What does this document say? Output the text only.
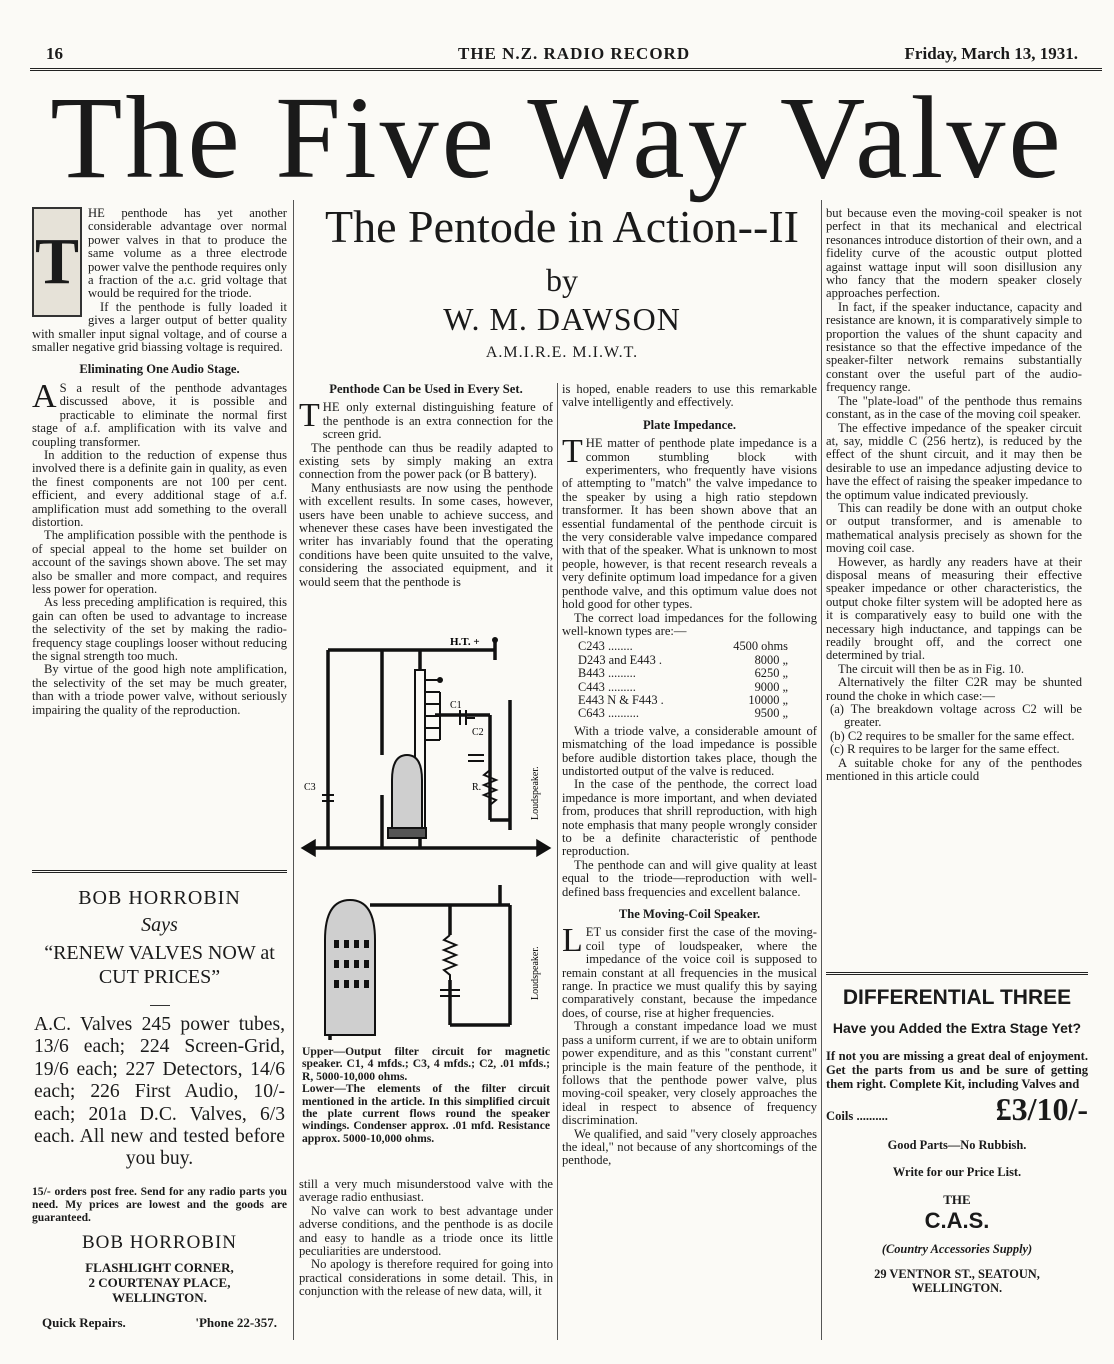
16	THE N.Z. RADIO RECORD	Friday, March 13, 1931.
The Five Way Valve
The Pentode in Action--II
by
W. M. DAWSON
A.M.I.R.E. M.I.W.T.
T

HE penthode has yet another considerable advantage over normal power valves in that to produce the same volume as a three electrode power valve the penthode requires only a fraction of the a.c. grid voltage that would be required for the triode.

If the penthode is fully loaded it gives a larger output of better quality with smaller input signal voltage, and of course a smaller negative grid biassing voltage is required.

Eliminating One Audio Stage.

A S a result of the penthode advantages discussed above, it is possible and practicable to eliminate the normal first stage of a.f. amplification with its valve and coupling transformer.

In addition to the reduction of expense thus involved there is a definite gain in quality, as even the finest components are not 100 per cent. efficient, and every additional stage of a.f. amplification must add something to the overall distortion.

The amplification possible with the penthode is of special appeal to the home set builder on account of the savings shown above. The set may also be smaller and more compact, and requires less power for operation.

As less preceding amplification is required, this gain can often be used to advantage to increase the selectivity of the set by making the radio-frequency stage couplings looser without reducing the signal strength too much.

By virtue of the good high note amplification, the selectivity of the set may be much greater, than with a triode power valve, without seriously impairing the quality of the reproduction.

Penthode Can be Used in Every Set.

THE only external distinguishing feature of the penthode is an extra connection for the screen grid.

The penthode can thus be readily adapted to existing sets by simply making an extra connection from the power pack (or B battery).

Many enthusiasts are now using the penthode with excellent results. In some cases, however, users have been unable to achieve success, and whenever these cases have been investigated the writer has invariably found that the operating conditions have been quite unsuited to the valve, considering the associated equipment, and it would seem that the penthode is

H.T. +
C1
C2
R.
C3	Loudspeaker.
Loudspeaker.

Upper—Output filter circuit for magnetic speaker. C1, 4 mfds.; C3, 4 mfds.; C2, .01 mfds.; R, 5000-10,000 ohms.

Lower—The elements of the filter circuit mentioned in the article. In this simplified circuit the plate current flows round the speaker windings. Condenser approx. .01 mfd. Resistance approx. 5000-10,000 ohms.

still a very much misunderstood valve with the average radio enthusiast.

No valve can work to best advantage under adverse conditions, and the penthode is as docile and easy to handle as a triode once its little peculiarities are understood.

No apology is therefore required for going into practical considerations in some detail. This, in conjunction with the release of new data, will, it

is hoped, enable readers to use this remarkable valve intelligently and effectively.

Plate Impedance.

THE matter of penthode plate impedance is a common stumbling block with experimenters, who frequently have visions of attempting to "match" the valve impedance to the speaker by using a high ratio stepdown transformer. It has been shown above that an essential fundamental of the penthode circuit is the very considerable valve impedance compared with that of the speaker. What is unknown to most people, however, is that recent research reveals a very definite optimum load impedance for a given penthode valve, and this optimum value does not hold good for other types.

The correct load impedances for the following well-known types are:—

C243 ........	4500 ohms
D243 and E443 .	8000 „
B443 .........	6250 „
C443 .........	9000 „
E443 N & F443 .	10000 „
C643 ..........	9500 „

With a triode valve, a considerable amount of mismatching of the load impedance is possible before audible distortion takes place, though the undistorted output of the valve is reduced.

In the case of the penthode, the correct load impedance is more important, and when deviated from, produces that shrill reproduction, with high note emphasis that many people wrongly consider to be a definite characteristic of penthode reproduction.

The penthode can and will give quality at least equal to the triode—reproduction with well-defined bass frequencies and excellent balance.

The Moving-Coil Speaker.

LET us consider first the case of the moving-coil type of loudspeaker, where the impedance of the voice coil is supposed to remain constant at all frequencies in the musical range. In practice we must qualify this by saying comparatively constant, because the impedance does, of course, rise at higher frequencies.

Through a constant impedance load we must pass a uniform current, if we are to obtain uniform power expenditure, and as this "constant current" principle is the main feature of the penthode, it follows that the penthode power valve, plus moving-coil speaker, very closely approaches the ideal in respect to absence of frequency discrimination.

We qualified, and said "very closely approaches the ideal," not because of any shortcomings of the penthode,

but because even the moving-coil speaker is not perfect in that its mechanical and electrical resonances introduce distortion of their own, and a fidelity curve of the acoustic output plotted against wattage input will soon disillusion any who fancy that the modern speaker closely approaches perfection.

In fact, if the speaker inductance, capacity and resistance are known, it is comparatively simple to proportion the values of the shunt capacity and resistance so that the effective impedance of the speaker-filter network remains substantially constant over the useful part of the audio-frequency range.

The "plate-load" of the penthode thus remains constant, as in the case of the moving coil speaker.

The effective impedance of the speaker circuit at, say, middle C (256 hertz), is reduced by the effect of the shunt circuit, and it may then be desirable to use an impedance adjusting device to have the effect of raising the speaker impedance to the optimum value indicated previously.

This can readily be done with an output choke or output transformer, and is amenable to mathematical analysis precisely as shown for the moving coil case.

However, as hardly any readers have at their disposal means of measuring their effective speaker impedance or other characteristics, the output choke filter system will be adopted here as it is comparatively easy to build one with the necessary high inductance, and tappings can be readily brought off, and the correct one determined by trial.

The circuit will then be as in Fig. 10.

Alternatively the filter C2R may be shunted round the choke in which case:—

(a) The breakdown voltage across C2 will be greater.

(b) C2 requires to be smaller for the same effect.

(c) R requires to be larger for the same effect.

A suitable choke for any of the penthodes mentioned in this article could

BOB HORROBIN
Says
“RENEW VALVES NOW at CUT PRICES”
A.C. Valves 245 power tubes, 13/6 each; 224 Screen-Grid, 19/6 each; 227 Detectors, 14/6 each; 226 First Audio, 10/- each; 201a D.C. Valves, 6/3 each. All new and tested before you buy.
15/- orders post free. Send for any radio parts you need. My prices are lowest and the goods are guaranteed.
BOB HORROBIN
FLASHLIGHT CORNER,
2 COURTENAY PLACE,
WELLINGTON.
Quick Repairs.	'Phone 22-357.
DIFFERENTIAL THREE
Have you Added the Extra Stage Yet?
If not you are missing a great deal of enjoyment. Get the parts from us and be sure of getting them right. Complete Kit, including Valves and
Coils ..........	£3/10/-
Good Parts—No Rubbish.
Write for our Price List.
THE
C.A.S.
(Country Accessories Supply)
29 VENTNOR ST., SEATOUN,
WELLINGTON.
